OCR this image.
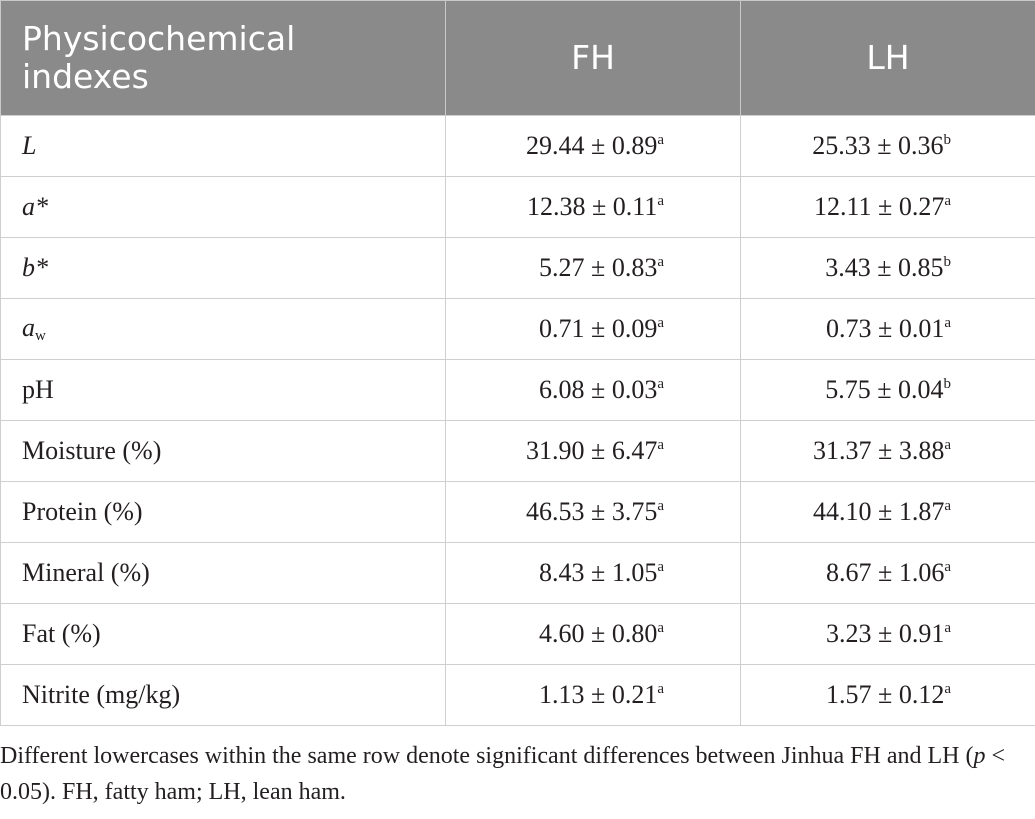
Physicochemical
indexes	FH	LH
L	29.44 ± 0.89$^a$	25.33 ± 0.36$^b$
a*	12.38 ± 0.11$^a$	12.11 ± 0.27$^a$
b*	5.27 ± 0.83$^a$	3.43 ± 0.85$^b$
$a_w$	0.71 ± 0.09$^a$	0.73 ± 0.01$^a$
pH	6.08 ± 0.03$^a$	5.75 ± 0.04$^b$
Moisture (%)	31.90 ± 6.47$^a$	31.37 ± 3.88$^a$
Protein (%)	46.53 ± 3.75$^a$	44.10 ± 1.87$^a$
Mineral (%)	8.43 ± 1.05$^a$	8.67 ± 1.06$^a$
Fat (%)	4.60 ± 0.80$^a$	3.23 ± 0.91$^a$
Nitrite (mg/kg)	1.13 ± 0.21$^a$	1.57 ± 0.12$^a$
Different lowercases within the same row denote significant differences between Jinhua FH and LH (p < 0.05). FH, fatty ham; LH, lean ham.
